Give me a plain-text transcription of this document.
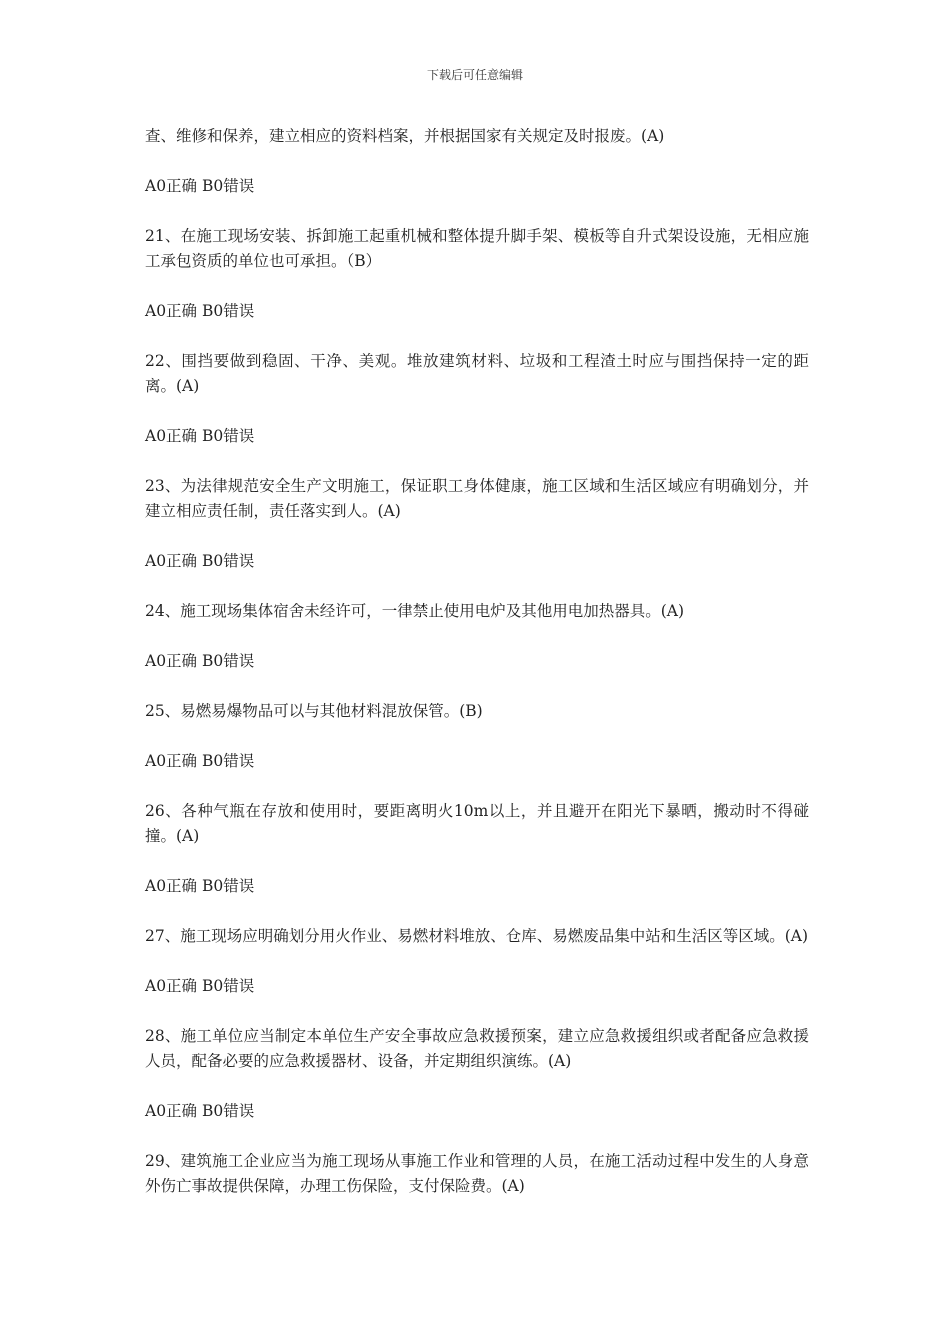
下载后可任意编辑

查、维修和保养，建立相应的资料档案，并根据国家有关规定及时报废。(A)

A0正确 B0错误

21、在施工现场安装、拆卸施工起重机械和整体提升脚手架、模板等自升式架设设施，无相应施工承包资质的单位也可承担。（B）

A0正确 B0错误

22、围挡要做到稳固、干净、美观。堆放建筑材料、垃圾和工程渣土时应与围挡保持一定的距离。(A)

A0正确 B0错误

23、为法律规范安全生产文明施工，保证职工身体健康，施工区域和生活区域应有明确划分，并建立相应责任制，责任落实到人。(A)

A0正确 B0错误

24、施工现场集体宿舍未经许可，一律禁止使用电炉及其他用电加热器具。(A)

A0正确 B0错误

25、易燃易爆物品可以与其他材料混放保管。(B)

A0正确 B0错误

26、各种气瓶在存放和使用时，要距离明火10m以上，并且避开在阳光下暴晒，搬动时不得碰撞。(A)

A0正确 B0错误

27、施工现场应明确划分用火作业、易燃材料堆放、仓库、易燃废品集中站和生活区等区域。(A)

A0正确 B0错误

28、施工单位应当制定本单位生产安全事故应急救援预案，建立应急救援组织或者配备应急救援人员，配备必要的应急救援器材、设备，并定期组织演练。(A)

A0正确 B0错误

29、建筑施工企业应当为施工现场从事施工作业和管理的人员，在施工活动过程中发生的人身意外伤亡事故提供保障，办理工伤保险，支付保险费。(A)
